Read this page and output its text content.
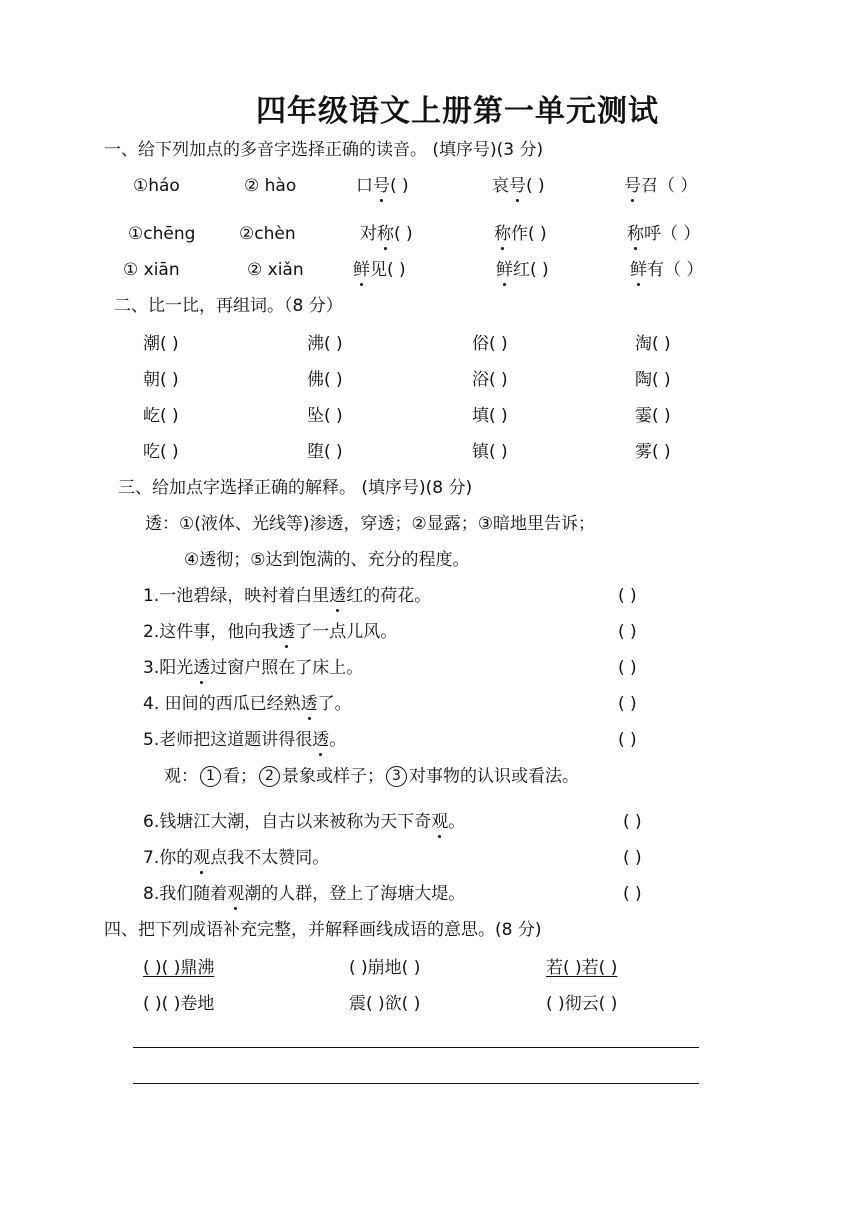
四年级语文上册第一单元测试
一、给下列加点的多音字选择正确的读音。 (填序号)(3 分)
①háo	② hào	口号( )	哀号( )	号召（ ）
①chēng	②chèn	对称( )	称作( )	称呼（ ）
① xiān	② xiǎn	鲜见( )	鲜红( )	鲜有（ ）
二、比一比，再组词。（8 分）
潮( )	沸( )	俗( )	淘( )
朝( )	佛( )	浴( )	陶( )
屹( )	坠( )	填( )	霎( )
吃( )	堕( )	镇( )	雾( )
三、给加点字选择正确的解释。 (填序号)(8 分)
透：①(液体、光线等)渗透，穿透；②显露；③暗地里告诉；
④透彻；⑤达到饱满的、充分的程度。
1.一池碧绿，映衬着白里透红的荷花。	( )
2.这件事，他向我透了一点儿风。	( )
3.阳光透过窗户照在了床上。	( )
4. 田间的西瓜已经熟透了。	( )
5.老师把这道题讲得很透。	( )
观： 1 看； 2 景象或样子； 3 对事物的认识或看法。
6.钱塘江大潮，自古以来被称为天下奇观。	( )
7.你的观点我不太赞同。	( )
8.我们随着观潮的人群，登上了海塘大堤。	( )
四、把下列成语补充完整，并解释画线成语的意思。(8 分)
( )( )鼎沸	( )崩地( )	若( )若( )
( )( )卷地	震( )欲( )	( )彻云( )
